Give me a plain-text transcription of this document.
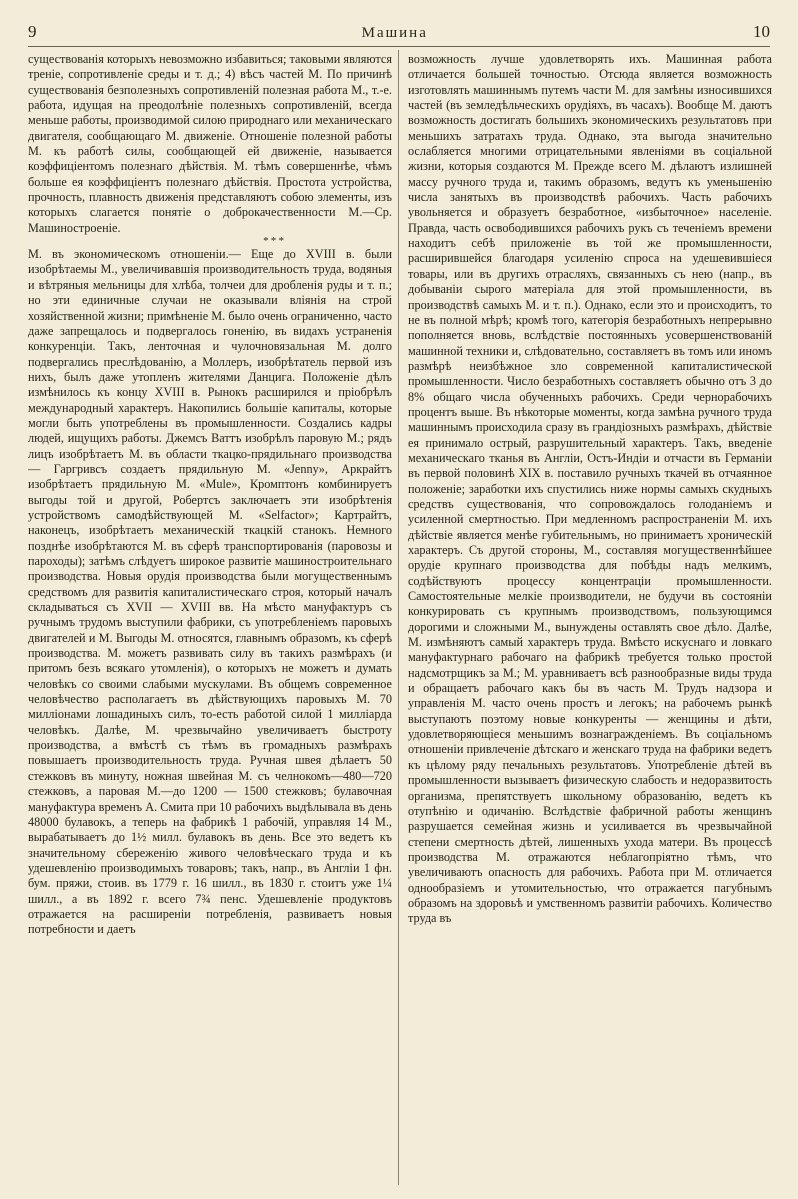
9	Машина	10

существованія которыхъ невозможно избавиться; таковыми являются треніе, сопротивленіе среды и т. д.; 4) вѣсъ частей М. По причинѣ существованія безполезныхъ сопротивленій полезная работа М., т.-е. работа, идущая на преодолѣніе полезныхъ сопротивленій, всегда меньше работы, производимой силою природнаго или механическаго двигателя, сообщающаго М. движеніе. Отношеніе полезной работы М. къ работѣ силы, сообщающей ей движеніе, называется коэффиціентомъ полезнаго дѣйствія. М. тѣмъ совершеннѣе, чѣмъ больше ея коэффиціентъ полезнаго дѣйствія. Простота устройства, прочность, плавность движенія представляютъ собою элементы, изъ которыхъ слагается понятіе о доброкачественности М.—Ср. Машиностроеніе.

* * *

М. въ экономическомъ отношеніи.— Еще до XVIII в. были изобрѣтаемы М., увеличивавшія производительность труда, водяныя и вѣтряныя мельницы для хлѣба, толчеи для дробленія руды и т. п.; но эти единичные случаи не оказывали вліянія на строй хозяйственной жизни; примѣненіе М. было очень ограниченно, часто даже запрещалось и подвергалось гоненію, въ видахъ устраненія конкуренціи. Такъ, ленточная и чулочновязальная М. долго подвергались преслѣдованію, а Моллеръ, изобрѣтатель первой изъ нихъ, былъ даже утопленъ жителями Данцига. Положеніе дѣлъ измѣнилось къ концу XVIII в. Рынокъ расширился и пріобрѣлъ международный характеръ. Накопились большіе капиталы, которые могли быть употреблены въ промышленности. Создались кадры людей, ищущихъ работы. Джемсъ Ваттъ изобрѣлъ паровую М.; рядъ лицъ изобрѣтаетъ М. въ области ткацко-прядильнаго производства — Гаргривсъ создаетъ прядильную М. «Jenny», Аркрайтъ изобрѣтаетъ прядильную М. «Mule», Кромптонъ комбинируетъ выгоды той и другой, Робертсъ заключаетъ эти изобрѣтенія устройствомъ самодѣйствующей М. «Selfactor»; Картрайтъ, наконецъ, изобрѣтаетъ механическій ткацкій станокъ. Немного позднѣе изобрѣтаются М. въ сферѣ транспортированія (паровозы и пароходы); затѣмъ слѣдуетъ широкое развитіе машиностроительнаго производства. Новыя орудія производства были могущественнымъ средствомъ для развитія капиталистическаго строя, который началъ складываться съ XVII — XVIII вв. На мѣсто мануфактуръ съ ручнымъ трудомъ выступили фабрики, съ употребленіемъ паровыхъ двигателей и М. Выгоды М. относятся, главнымъ образомъ, къ сферѣ производства. М. можетъ развивать силу въ такихъ размѣрахъ (и притомъ безъ всякаго утомленія), о которыхъ не можетъ и думать человѣкъ со своими слабыми мускулами. Въ общемъ современное человѣчество располагаетъ въ дѣйствующихъ паровыхъ М. 70 милліонами лошадиныхъ силъ, то-есть работой силой 1 милліарда человѣкъ. Далѣе, М. чрезвычайно увеличиваетъ быстроту производства, а вмѣстѣ съ тѣмъ въ громадныхъ размѣрахъ повышаетъ производительность труда. Ручная швея дѣлаетъ 50 стежковъ въ минуту, ножная швейная М. съ челнокомъ—480—720 стежковъ, а паровая М.—до 1200 — 1500 стежковъ; булавочная мануфактура временъ А. Смита при 10 рабочихъ выдѣлывала въ день 48000 булавокъ, а теперь на фабрикѣ 1 рабочій, управляя 14 М., вырабатываетъ до 1½ милл. булавокъ въ день. Все это ведетъ къ значительному сбереженію живого человѣческаго труда и къ удешевленію производимыхъ товаровъ; такъ, напр., въ Англіи 1 фн. бум. пряжи, стоив. въ 1779 г. 16 шилл., въ 1830 г. стоитъ уже 1¼ шилл., а въ 1892 г. всего 7¾ пенс. Удешевленіе продуктовъ отражается на расширеніи потребленія, развиваетъ новыя потребности и даетъ

возможность лучше удовлетворять ихъ. Машинная работа отличается большей точностью. Отсюда является возможность изготовлять машиннымъ путемъ части М. для замѣны износившихся частей (въ земледѣльческихъ орудіяхъ, въ часахъ). Вообще М. даютъ возможность достигать большихъ экономическихъ результатовъ при меньшихъ затратахъ труда. Однако, эта выгода значительно ослабляется многими отрицательными явленіями въ соціальной жизни, которыя создаются М. Прежде всего М. дѣлаютъ излишней массу ручного труда и, такимъ образомъ, ведутъ къ уменьшенію числа занятыхъ въ производствѣ рабочихъ. Часть рабочихъ увольняется и образуетъ безработное, «избыточное» населеніе. Правда, часть освободившихся рабочихъ рукъ съ теченіемъ времени находитъ себѣ приложеніе въ той же промышленности, расширившейся благодаря усиленію спроса на удешевившіеся товары, или въ другихъ отрасляхъ, связанныхъ съ нею (напр., въ добываніи сырого матеріала для этой промышленности, въ производствѣ самыхъ М. и т. п.). Однако, если это и происходитъ, то не въ полной мѣрѣ; кромѣ того, категорія безработныхъ непрерывно пополняется вновь, вслѣдствіе постоянныхъ усовершенствованій машинной техники и, слѣдовательно, составляетъ въ томъ или иномъ размѣрѣ неизбѣжное зло современной капиталистической промышленности. Число безработныхъ составляетъ обычно отъ 3 до 8% общаго числа обученныхъ рабочихъ. Среди чернорабочихъ процентъ выше. Въ нѣкоторые моменты, когда замѣна ручного труда машиннымъ происходила сразу въ грандіозныхъ размѣрахъ, дѣйствіе ея принимало острый, разрушительный характеръ. Такъ, введеніе механическаго тканья въ Англіи, Остъ-Индіи и отчасти въ Германіи въ первой половинѣ XIX в. поставило ручныхъ ткачей въ отчаянное положеніе; заработки ихъ спустились ниже нормы самыхъ скудныхъ средствъ существованія, что сопровождалось голоданіемъ и усиленной смертностью. При медленномъ распространеніи М. ихъ дѣйствіе является менѣе губительнымъ, но принимаетъ хроническій характеръ. Съ другой стороны, М., составляя могущественнѣйшее орудіе крупнаго производства для побѣды надъ мелкимъ, содѣйствуютъ процессу концентраціи промышленности. Самостоятельные мелкіе производители, не будучи въ состояніи конкурировать съ крупнымъ производствомъ, пользующимся дорогими и сложными М., вынуждены оставлять свое дѣло. Далѣе, М. измѣняютъ самый характеръ труда. Вмѣсто искуснаго и ловкаго мануфактурнаго рабочаго на фабрикѣ требуется только простой надсмотрщикъ за М.; М. уравниваетъ всѣ разнообразные виды труда и обращаетъ рабочаго какъ бы въ часть М. Трудъ надзора и управленія М. часто очень простъ и легокъ; на рабочемъ рынкѣ выступаютъ поэтому новые конкуренты — женщины и дѣти, удовлетворяющіеся меньшимъ вознагражденіемъ. Въ соціальномъ отношеніи привлеченіе дѣтскаго и женскаго труда на фабрики ведетъ къ цѣлому ряду печальныхъ результатовъ. Употребленіе дѣтей въ промышленности вызываетъ физическую слабость и недоразвитость организма, препятствуетъ школьному образованію, ведетъ къ отупѣнію и одичанію. Вслѣдствіе фабричной работы женщинъ разрушается семейная жизнь и усиливается въ чрезвычайной степени смертность дѣтей, лишенныхъ ухода матери. Въ процессѣ производства М. отражаются неблагопріятно тѣмъ, что увеличиваютъ опасность для рабочихъ. Работа при М. отличается однообразіемъ и утомительностью, что отражается пагубнымъ образомъ на здоровьѣ и умственномъ развитіи рабочихъ. Количество труда въ
